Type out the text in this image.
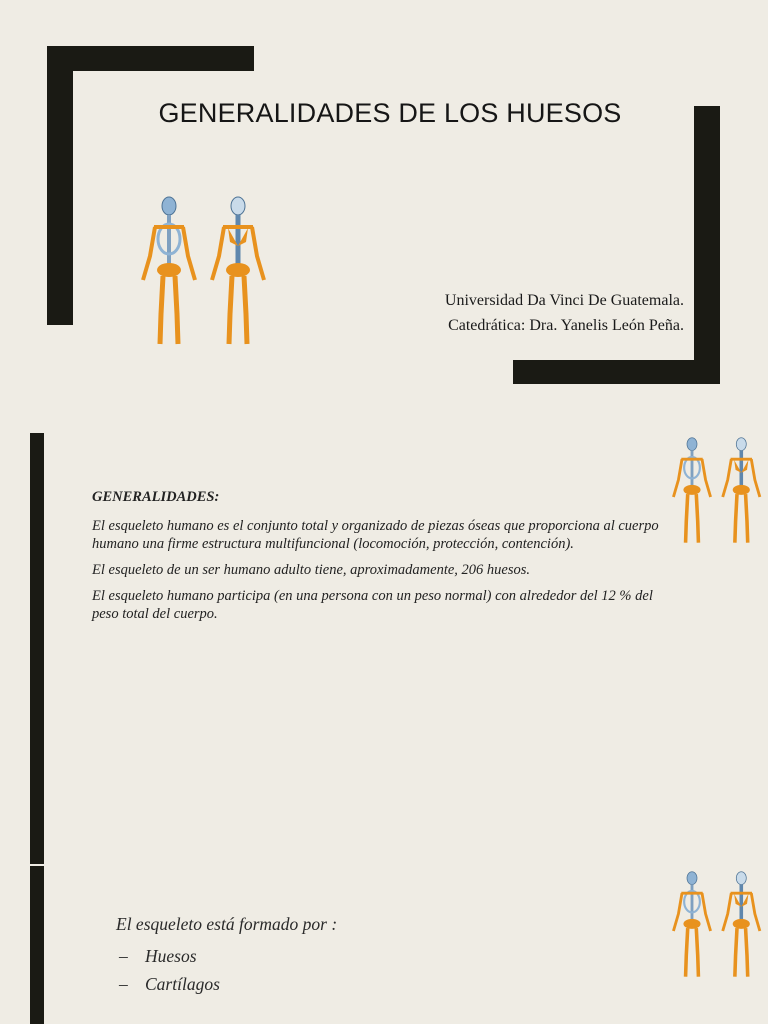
GENERALIDADES DE LOS HUESOS
Universidad Da Vinci De Guatemala.
Catedrática: Dra. Yanelis León Peña.
GENERALIDADES:

El esqueleto humano es el conjunto total y organizado de piezas óseas que proporciona al cuerpo humano una firme estructura multifuncional (locomoción, protección, contención).

El esqueleto de un ser humano adulto tiene, aproximadamente, 206 huesos.

El esqueleto humano participa (en una persona con un peso normal) con alrededor del 12 % del peso total del cuerpo.

El esqueleto está formado por :
– Huesos
– Cartílagos
